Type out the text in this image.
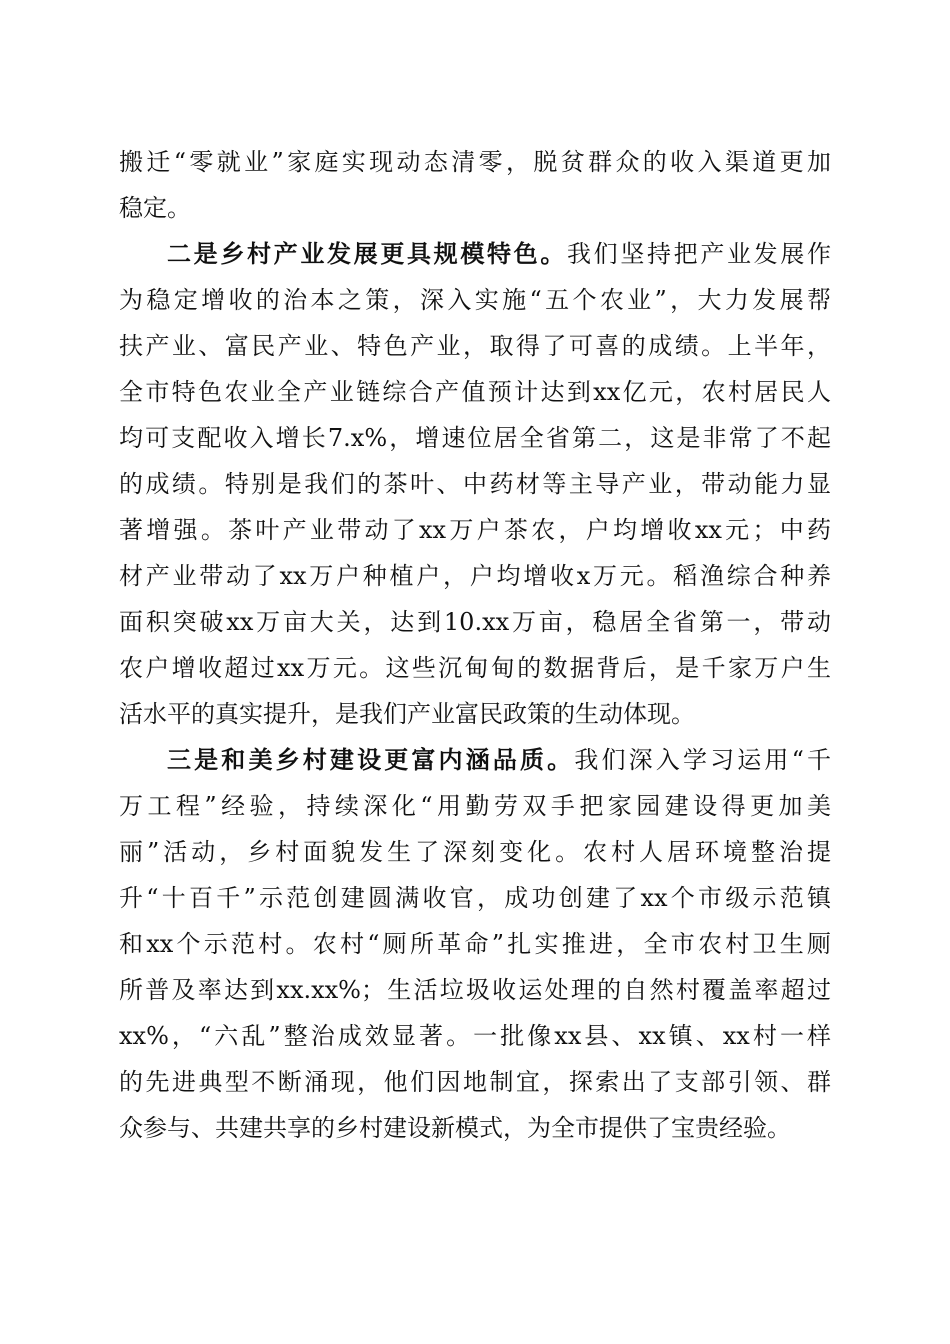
搬迁“零就业”家庭实现动态清零，脱贫群众的收入渠道更加
稳定。
二是乡村产业发展更具规模特色。我们坚持把产业发展作
为稳定增收的治本之策，深入实施“五个农业”，大力发展帮
扶产业、富民产业、特色产业，取得了可喜的成绩。上半年，
全市特色农业全产业链综合产值预计达到xx亿元，农村居民人
均可支配收入增长7.x%，增速位居全省第二，这是非常了不起
的成绩。特别是我们的茶叶、中药材等主导产业，带动能力显
著增强。茶叶产业带动了xx万户茶农，户均增收xx元；中药
材产业带动了xx万户种植户，户均增收x万元。稻渔综合种养
面积突破xx万亩大关，达到10.xx万亩，稳居全省第一，带动
农户增收超过xx万元。这些沉甸甸的数据背后，是千家万户生
活水平的真实提升，是我们产业富民政策的生动体现。
三是和美乡村建设更富内涵品质。我们深入学习运用“千
万工程”经验，持续深化“用勤劳双手把家园建设得更加美
丽”活动，乡村面貌发生了深刻变化。农村人居环境整治提
升“十百千”示范创建圆满收官，成功创建了xx个市级示范镇
和xx个示范村。农村“厕所革命”扎实推进，全市农村卫生厕
所普及率达到xx.xx%；生活垃圾收运处理的自然村覆盖率超过
xx%，“六乱”整治成效显著。一批像xx县、xx镇、xx村一样
的先进典型不断涌现，他们因地制宜，探索出了支部引领、群
众参与、共建共享的乡村建设新模式，为全市提供了宝贵经验。
